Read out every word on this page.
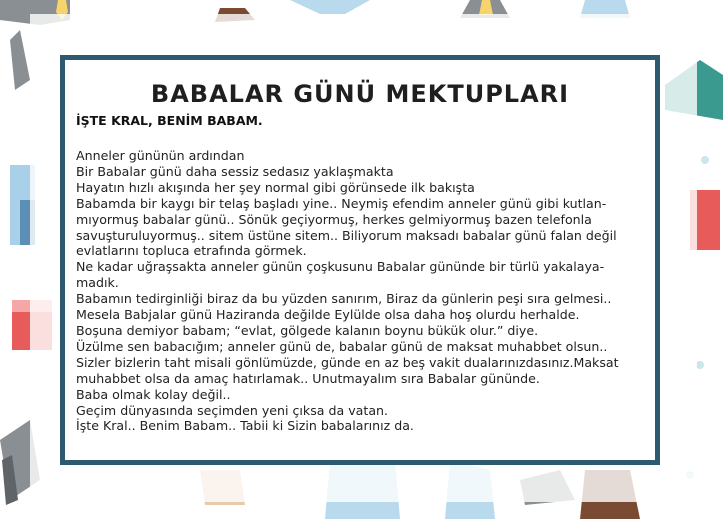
BABALAR GÜNÜ MEKTUPLARI

İŞTE KRAL, BENİM BABAM.

Anneler gününün ardından
Bir Babalar günü daha sessiz sedasız yaklaşmakta
Hayatın hızlı akışında her şey normal gibi görünsede ilk bakışta
Babamda bir kaygı bir telaş başladı yine.. Neymiş efendim anneler günü gibi kutlan-
mıyormuş babalar günü.. Sönük geçiyormuş, herkes gelmiyormuş bazen telefonla
savuşturuluyormuş.. sitem üstüne sitem.. Biliyorum maksadı babalar günü falan değil
evlatlarını topluca etrafında görmek.
Ne kadar uğraşsakta anneler günün çoşkusunu Babalar gününde bir türlü yakalaya-
madık.
Babamın tedirginliği biraz da bu yüzden sanırım, Biraz da günlerin peşi sıra gelmesi..
Mesela Babjalar günü Haziranda değilde Eylülde olsa daha hoş olurdu herhalde.
Boşuna demiyor babam; “evlat, gölgede kalanın boynu bükük olur.” diye.
Üzülme sen babacığım; anneler günü de, babalar günü de maksat muhabbet olsun..
Sizler bizlerin taht misali gönlümüzde, günde en az beş vakit dualarınızdasınız.Maksat
muhabbet olsa da amaç hatırlamak.. Unutmayalım sıra Babalar gününde.
Baba olmak kolay değil..
Geçim dünyasında seçimden yeni çıksa da vatan.
İşte Kral.. Benim Babam.. Tabii ki Sizin babalarınız da.
